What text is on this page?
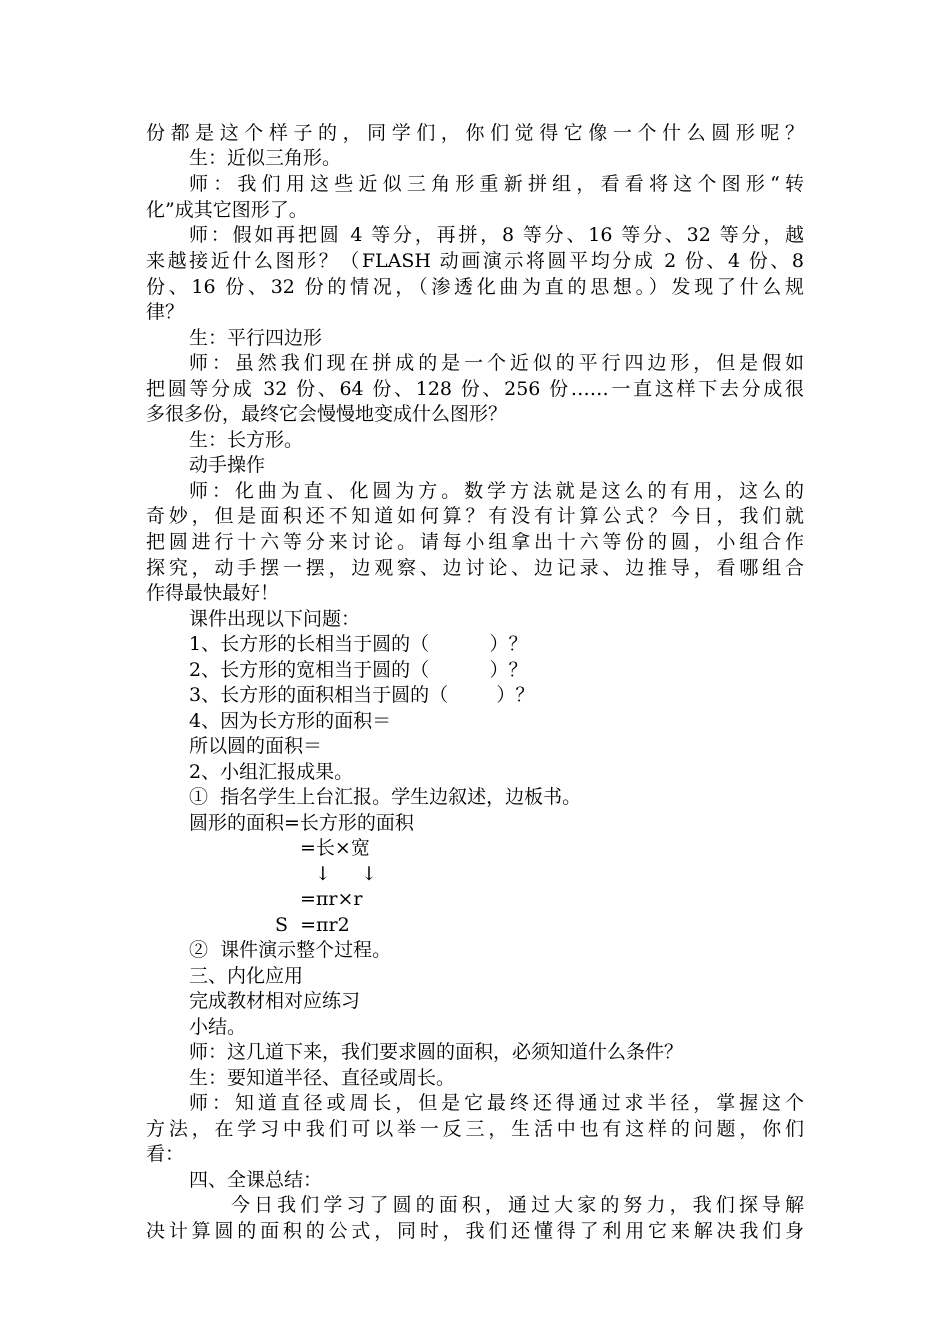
份都是这个样子的，同学们，你们觉得它像一个什么圆形呢？
生：近似三角形。
师：我们用这些近似三角形重新拼组，看看将这个图形“转
化”成其它图形了。
师：假如再把圆 4 等分，再拼，8 等分、16 等分、32 等分，越
来越接近什么图形？（FLASH 动画演示将圆平均分成 2 份、4 份、8
份、16 份、32 份的情况，（渗透化曲为直的思想。）发现了什么规
律？
生：平行四边形
师：虽然我们现在拼成的是一个近似的平行四边形，但是假如
把圆等分成 32 份、64 份、128 份、256 份……一直这样下去分成很
多很多份，最终它会慢慢地变成什么图形？
生：长方形。
动手操作
师：化曲为直、化圆为方。数学方法就是这么的有用，这么的
奇妙，但是面积还不知道如何算？有没有计算公式？今日，我们就
把圆进行十六等分来讨论。请每小组拿出十六等份的圆，小组合作
探究，动手摆一摆，边观察、边讨论、边记录、边推导，看哪组合
作得最快最好！
课件出现以下问题：
1、长方形的长相当于圆的（          ）？
2、长方形的宽相当于圆的（          ）？
3、长方形的面积相当于圆的（        ）？
4、因为长方形的面积＝
所以圆的面积＝
2、小组汇报成果。
①  指名学生上台汇报。学生边叙述，边板书。
圆形的面积=长方形的面积
=长×宽
↓     ↓
=πr×r
S  =πr2
②  课件演示整个过程。
三、内化应用
完成教材相对应练习
小结。
师：这几道下来，我们要求圆的面积，必须知道什么条件？
生：要知道半径、直径或周长。
师：知道直径或周长，但是它最终还得通过求半径，掌握这个
方法，在学习中我们可以举一反三，生活中也有这样的问题，你们
看：
四、全课总结：
今日我们学习了圆的面积，通过大家的努力，我们探导解
决计算圆的面积的公式，同时，我们还懂得了利用它来解决我们身
